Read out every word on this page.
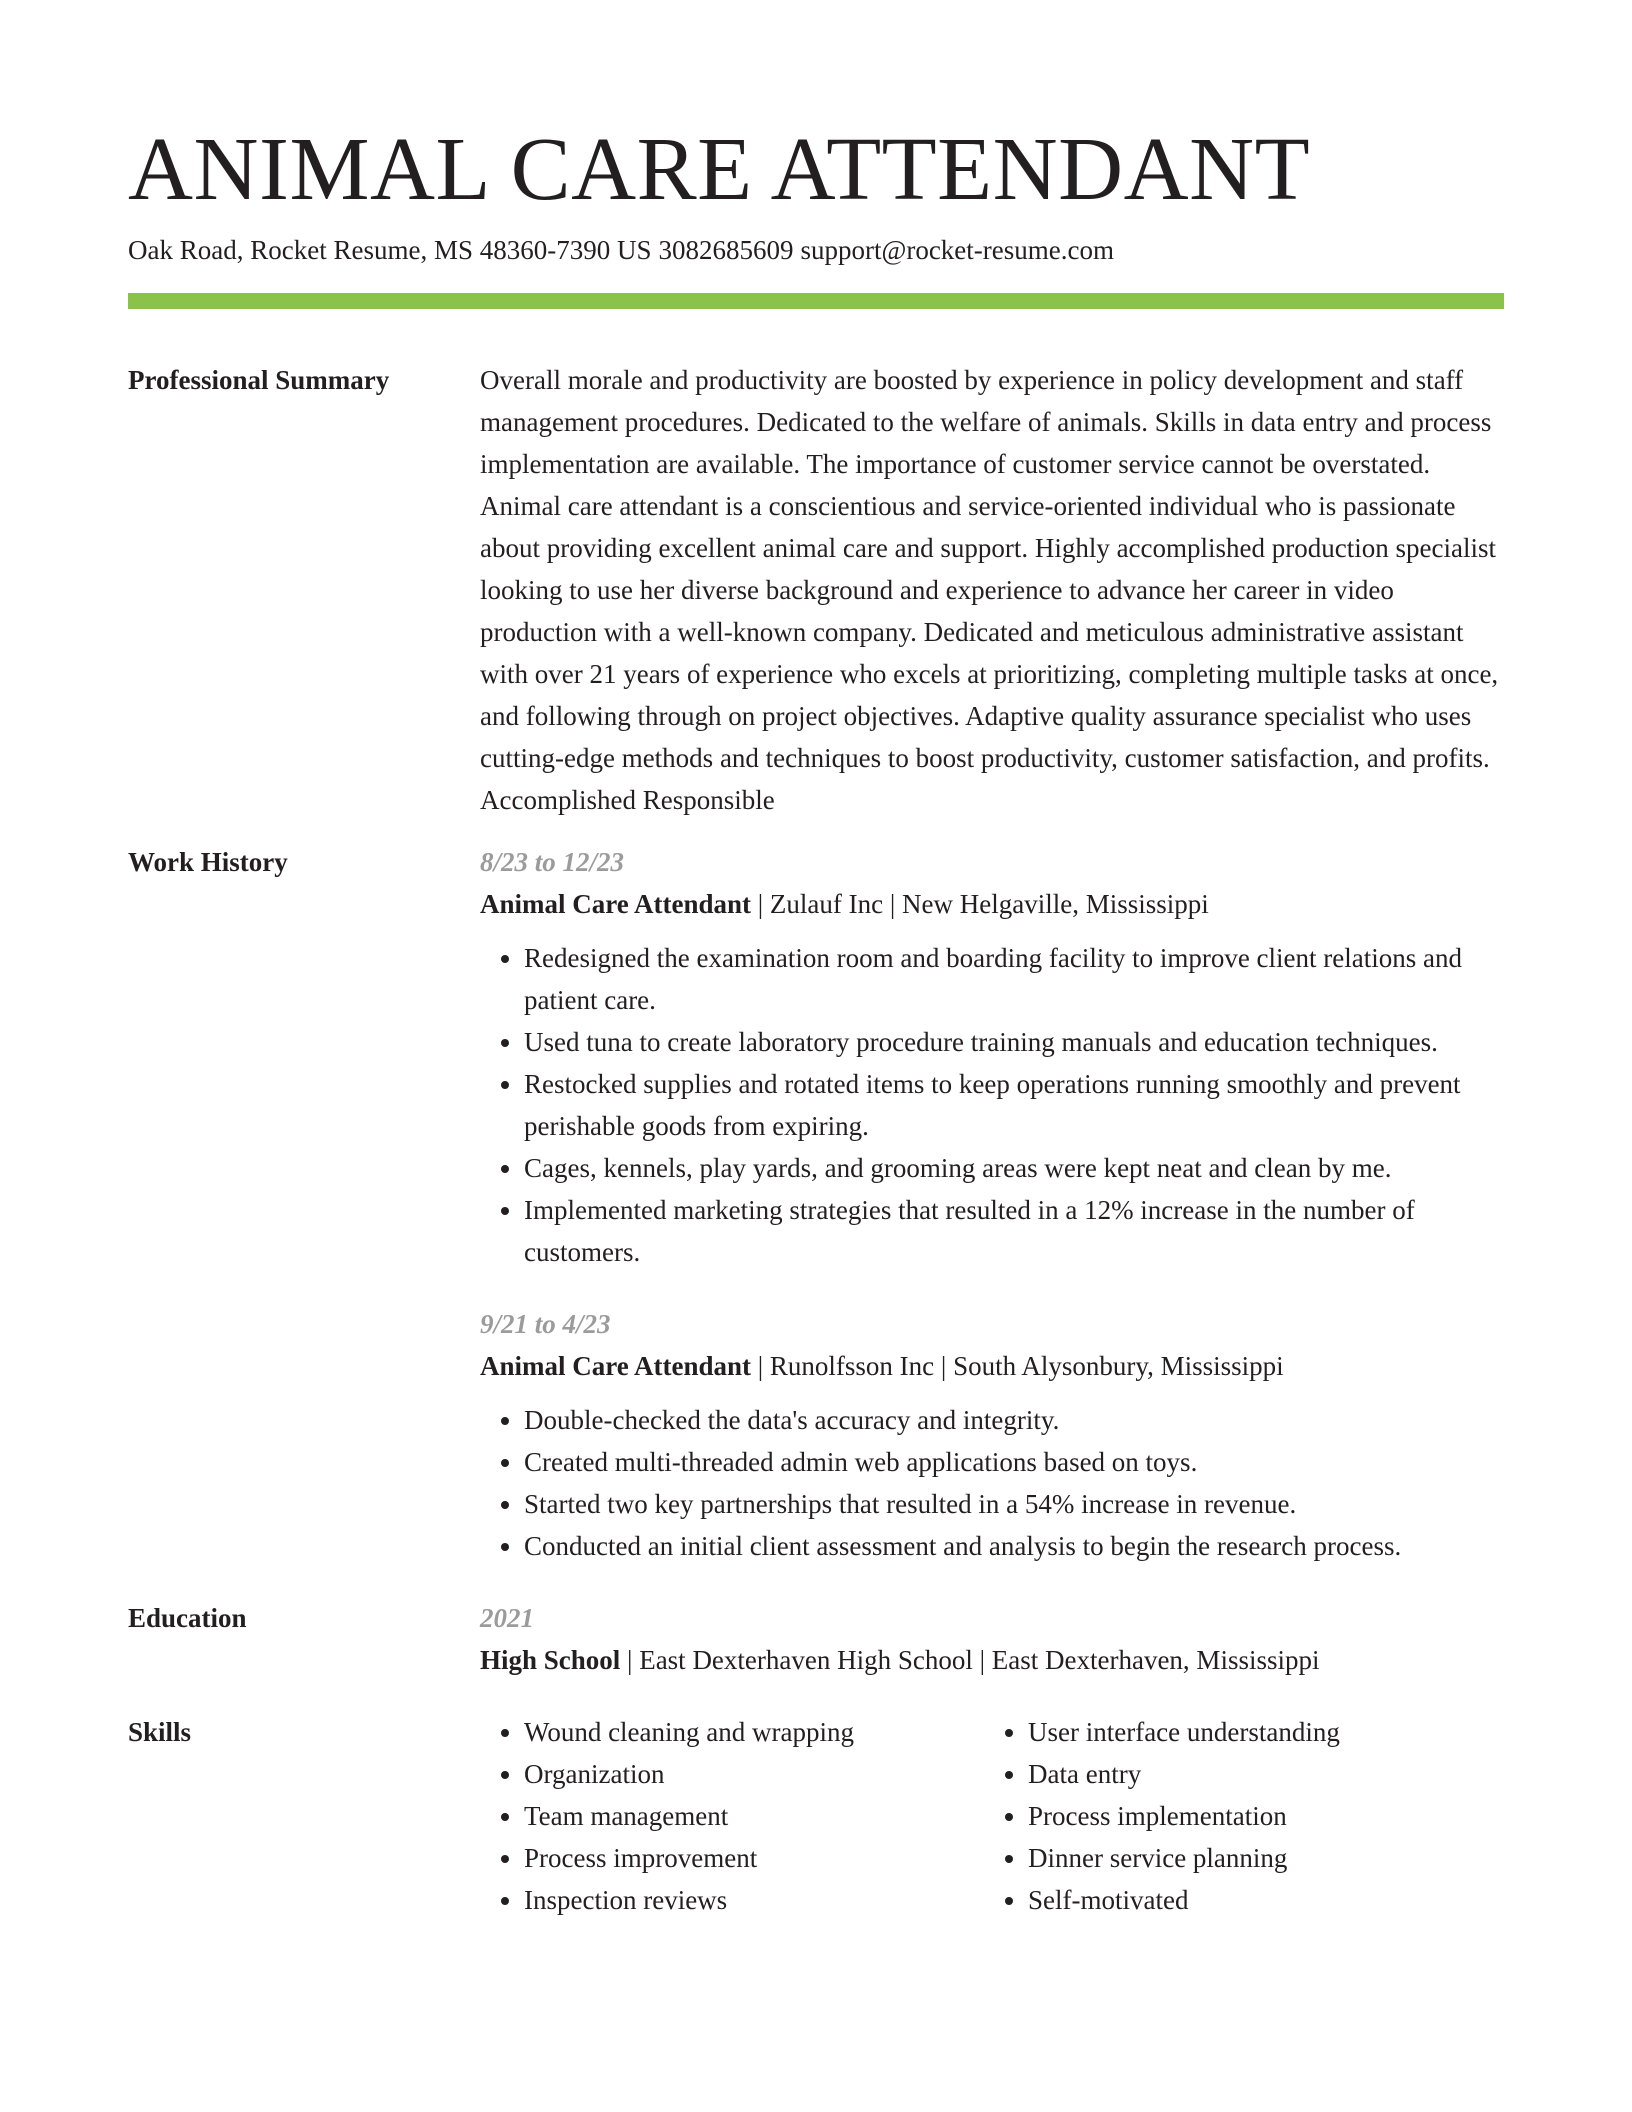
ANIMAL CARE ATTENDANT
Oak Road, Rocket Resume, MS 48360-7390 US 3082685609 support@rocket-resume.com
Professional Summary	Overall morale and productivity are boosted by experience in policy development and staff management procedures. Dedicated to the welfare of animals. Skills in data entry and process implementation are available. The importance of customer service cannot be overstated. Animal care attendant is a conscientious and service-oriented individual who is passionate about providing excellent animal care and support. Highly accomplished production specialist looking to use her diverse background and experience to advance her career in video production with a well-known company. Dedicated and meticulous administrative assistant with over 21 years of experience who excels at prioritizing, completing multiple tasks at once, and following through on project objectives. Adaptive quality assurance specialist who uses cutting-edge methods and techniques to boost productivity, customer satisfaction, and profits. Accomplished Responsible
Work History	8/23 to 12/23
Animal Care Attendant | Zulauf Inc | New Helgaville, Mississippi
• Redesigned the examination room and boarding facility to improve client relations and patient care.
• Used tuna to create laboratory procedure training manuals and education techniques.
• Restocked supplies and rotated items to keep operations running smoothly and prevent perishable goods from expiring.
• Cages, kennels, play yards, and grooming areas were kept neat and clean by me.
• Implemented marketing strategies that resulted in a 12% increase in the number of customers.
9/21 to 4/23
Animal Care Attendant | Runolfsson Inc | South Alysonbury, Mississippi
• Double-checked the data's accuracy and integrity.
• Created multi-threaded admin web applications based on toys.
• Started two key partnerships that resulted in a 54% increase in revenue.
• Conducted an initial client assessment and analysis to begin the research process.
Education	2021
High School | East Dexterhaven High School | East Dexterhaven, Mississippi
Skills
•	Wound cleaning and wrapping
• Organization
• Team management
• Process improvement
• Inspection reviews
• User interface understanding
• Data entry
• Process implementation
• Dinner service planning
• Self-motivated
